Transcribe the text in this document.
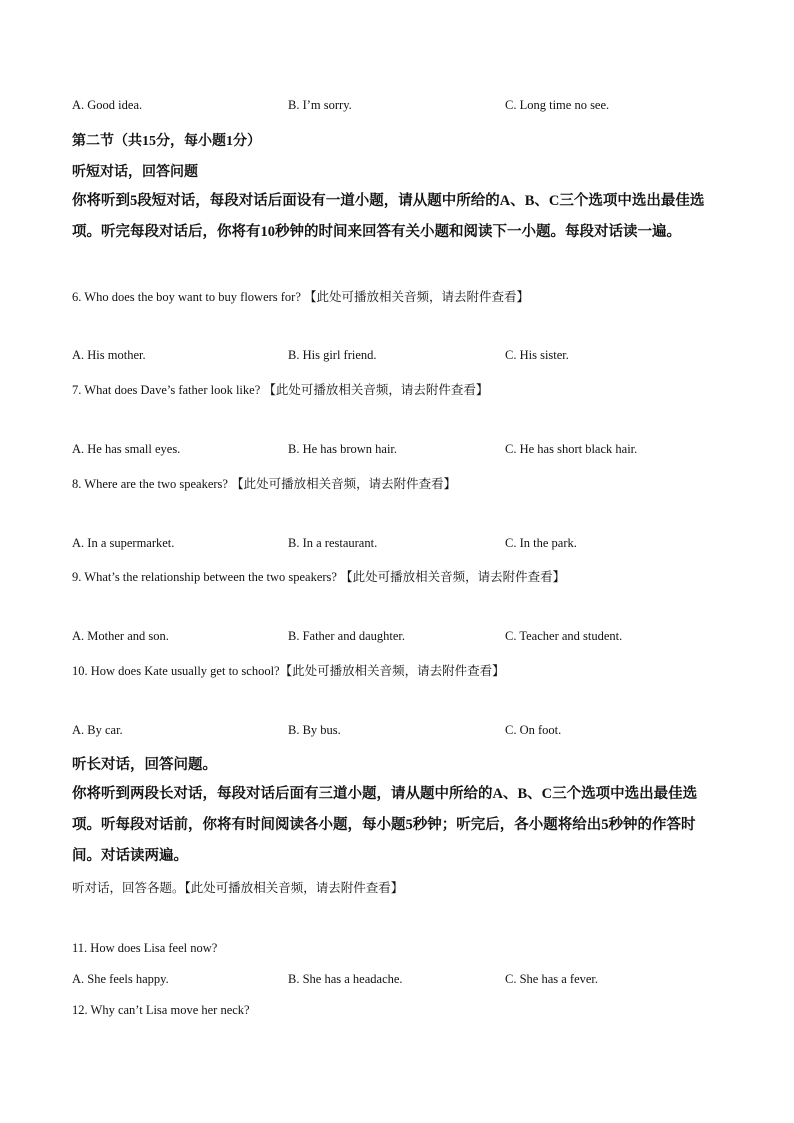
A. Good idea.	B. I’m sorry.	C. Long time no see.
第二节（共15分，每小题1分）
听短对话，回答问题
你将听到5段短对话，每段对话后面设有一道小题，请从题中所给的A、B、C三个选项中选出最佳选项。听完每段对话后，你将有10秒钟的时间来回答有关小题和阅读下一小题。每段对话读一遍。
6. Who does the boy want to buy flowers for? 【此处可播放相关音频，请去附件查看】
A. His mother.	B. His girl friend.	C. His sister.
7. What does Dave’s father look like? 【此处可播放相关音频，请去附件查看】
A. He has small eyes.	B. He has brown hair.	C. He has short black hair.
8. Where are the two speakers? 【此处可播放相关音频，请去附件查看】
A. In a supermarket.	B. In a restaurant.	C. In the park.
9. What’s the relationship between the two speakers? 【此处可播放相关音频，请去附件查看】
A. Mother and son.	B. Father and daughter.	C. Teacher and student.
10. How does Kate usually get to school?【此处可播放相关音频，请去附件查看】
A. By car.	B. By bus.	C. On foot.
听长对话，回答问题。
你将听到两段长对话，每段对话后面有三道小题，请从题中所给的A、B、C三个选项中选出最佳选项。听每段对话前，你将有时间阅读各小题，每小题5秒钟；听完后，各小题将给出5秒钟的作答时间。对话读两遍。
听对话，回答各题。【此处可播放相关音频，请去附件查看】
11. How does Lisa feel now?
A. She feels happy.	B. She has a headache.	C. She has a fever.
12. Why can’t Lisa move her neck?
